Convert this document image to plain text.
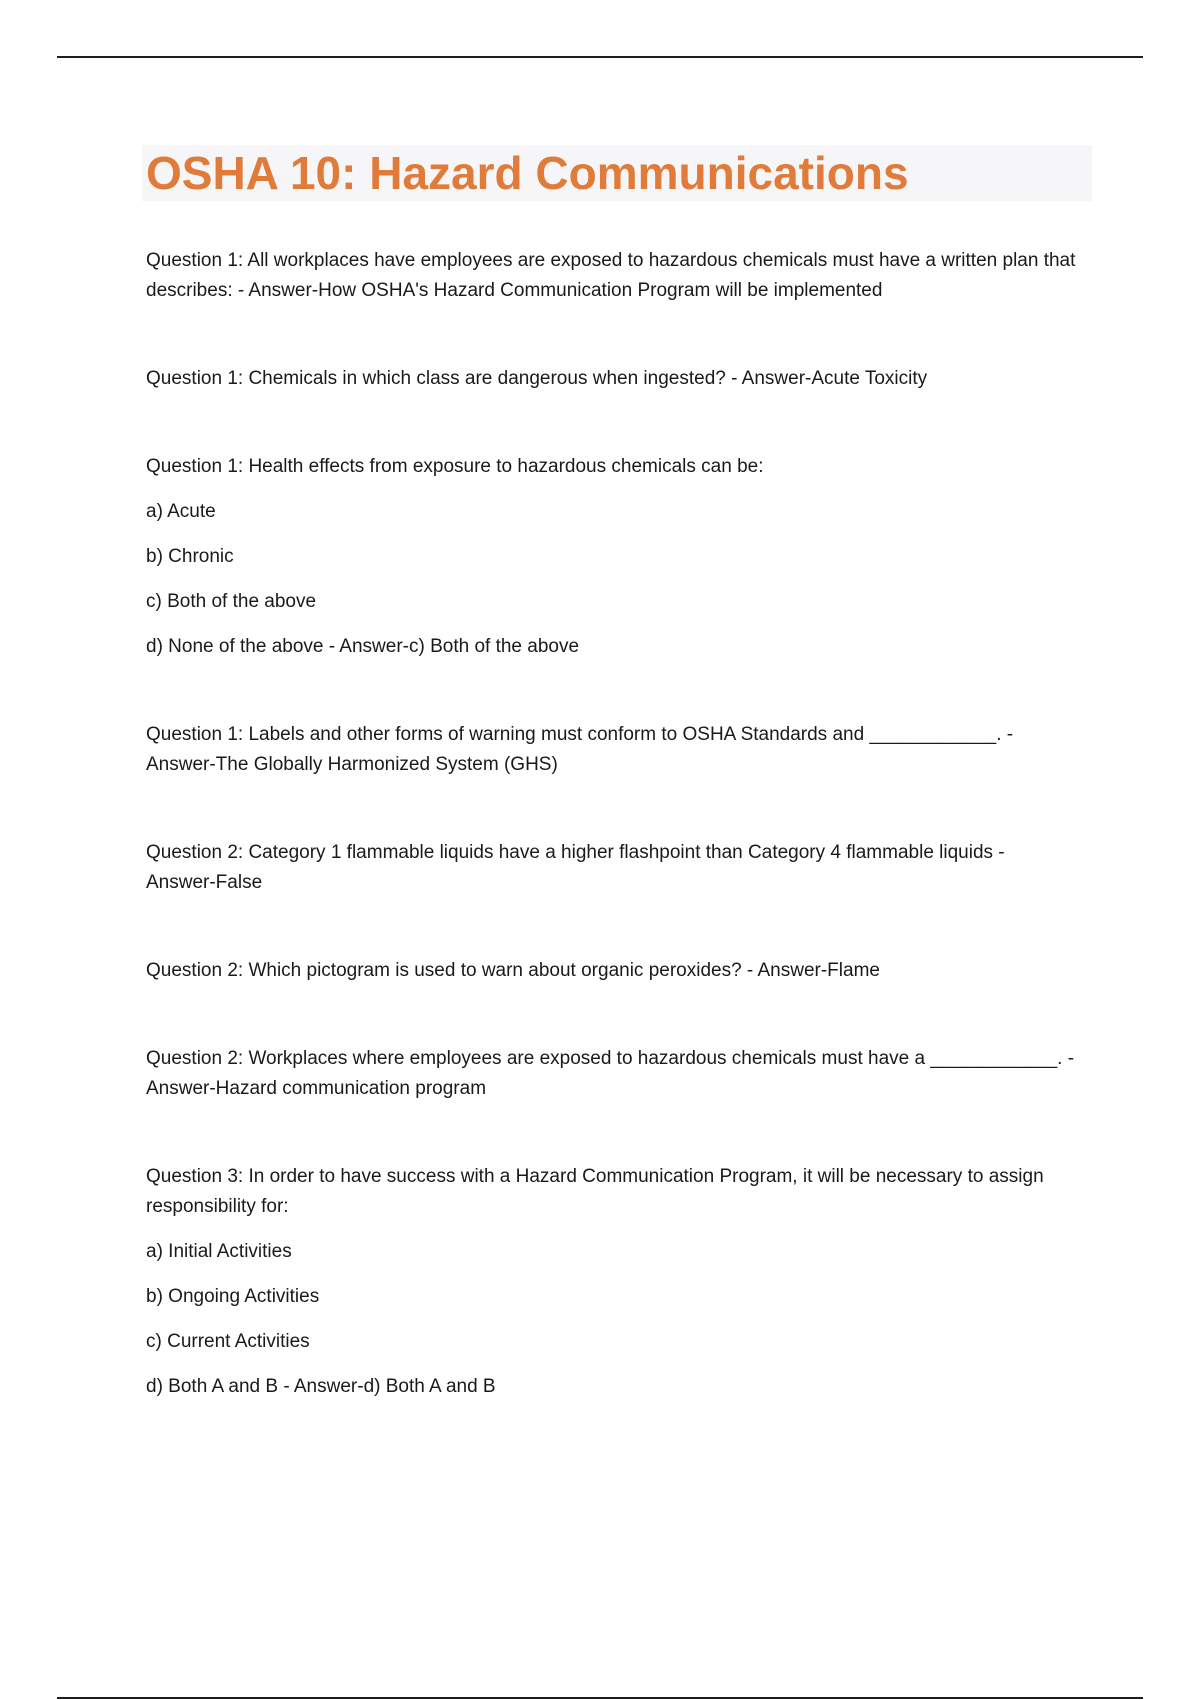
OSHA 10: Hazard Communications

Question 1: All workplaces have employees are exposed to hazardous chemicals must have a written plan that describes: - Answer-How OSHA's Hazard Communication Program will be implemented

Question 1: Chemicals in which class are dangerous when ingested? - Answer-Acute Toxicity

Question 1: Health effects from exposure to hazardous chemicals can be:

a) Acute

b) Chronic

c) Both of the above

d) None of the above - Answer-c) Both of the above

Question 1: Labels and other forms of warning must conform to OSHA Standards and ____________. - Answer-The Globally Harmonized System (GHS)

Question 2: Category 1 flammable liquids have a higher flashpoint than Category 4 flammable liquids - Answer-False

Question 2: Which pictogram is used to warn about organic peroxides? - Answer-Flame

Question 2: Workplaces where employees are exposed to hazardous chemicals must have a ____________. - Answer-Hazard communication program

Question 3: In order to have success with a Hazard Communication Program, it will be necessary to assign responsibility for:

a) Initial Activities

b) Ongoing Activities

c) Current Activities

d) Both A and B - Answer-d) Both A and B
